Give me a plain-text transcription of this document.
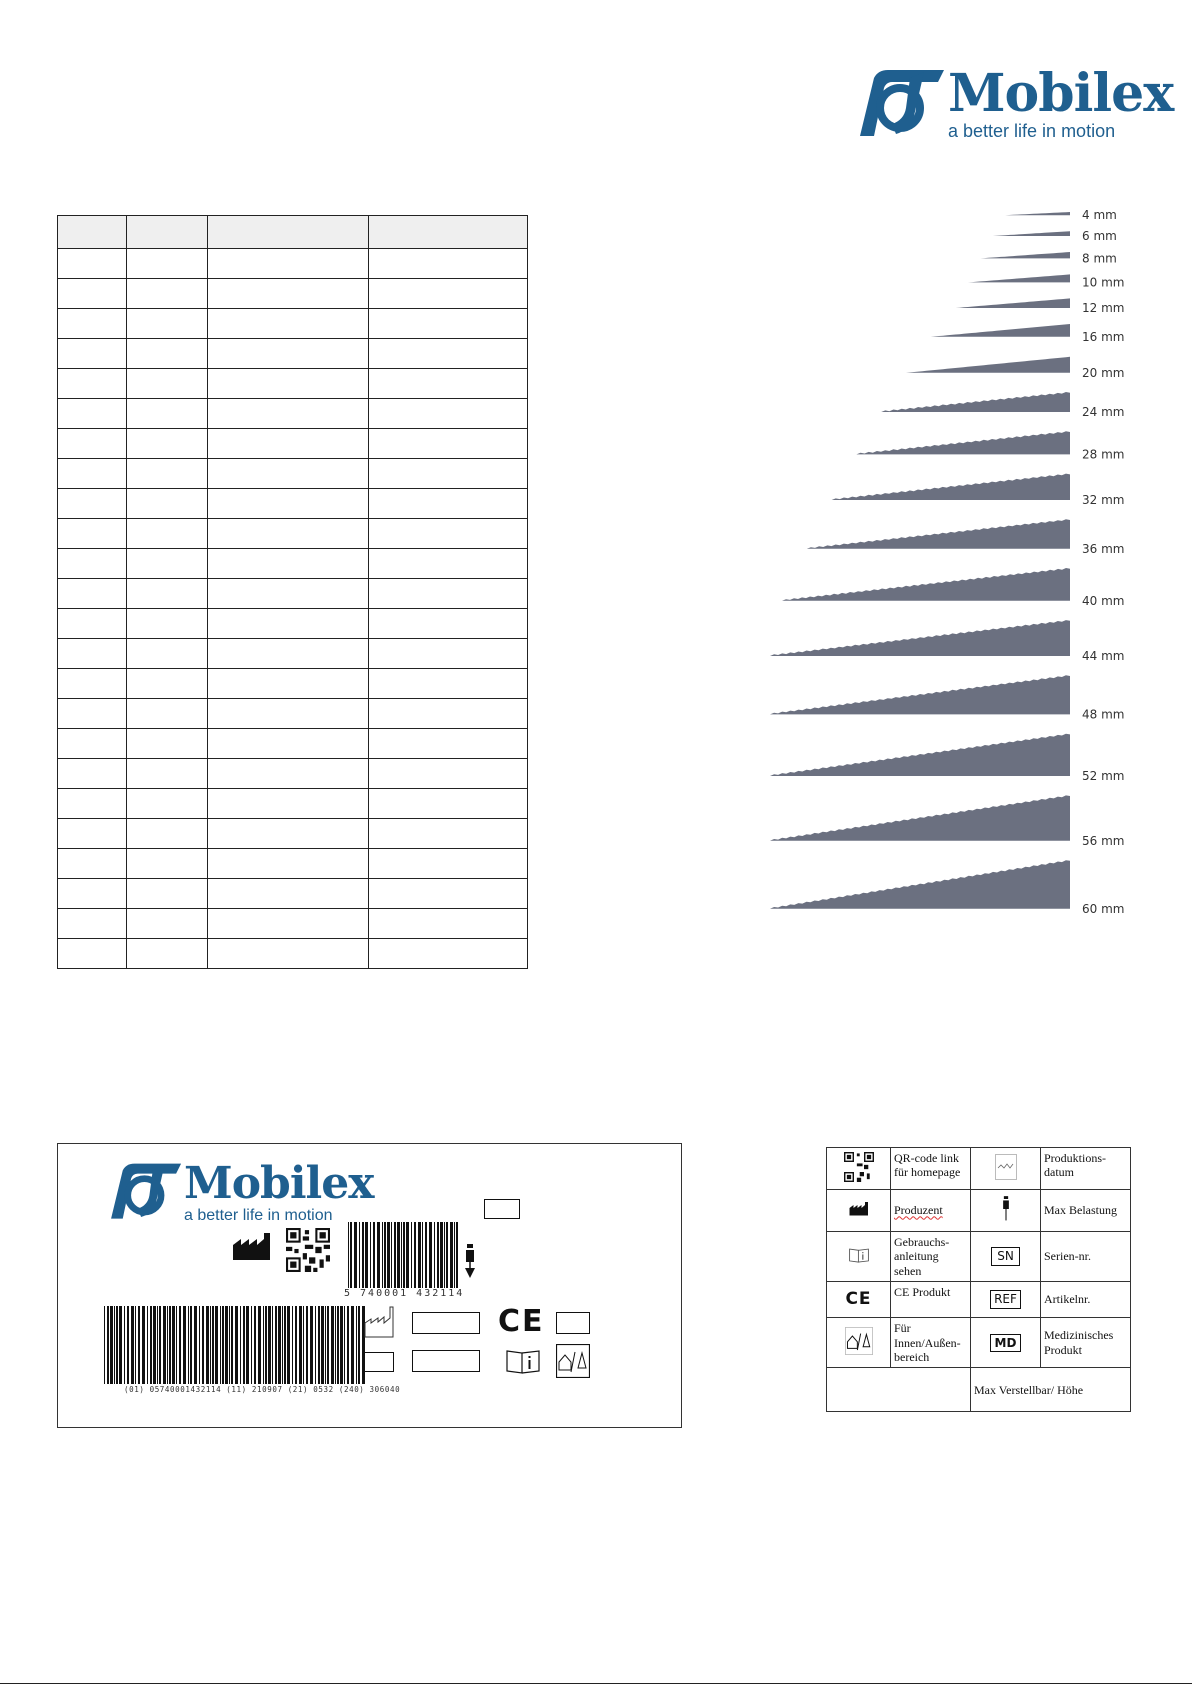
Mobilex
a better life in motion

4 mm
6 mm
8 mm
10 mm
12 mm
16 mm
20 mm
24 mm
28 mm
32 mm
36 mm
40 mm
44 mm
48 mm
52 mm
56 mm
60 mm
Mobilex
a better life in motion
5 740001 432114
(01) 05740001432114 (11) 210907 (21) 0532 (240) 306040
CE
	QR-code link für homepage		Produktions-datum
	Produzent		Max Belastung
	Gebrauchs-anleitung sehen	SN	Serien-nr.
CE	CE Produkt	REF	Artikelnr.
	Für Innen/Außen-bereich	MD	Medizinisches Produkt
		Max Verstellbar/ Höhe	
